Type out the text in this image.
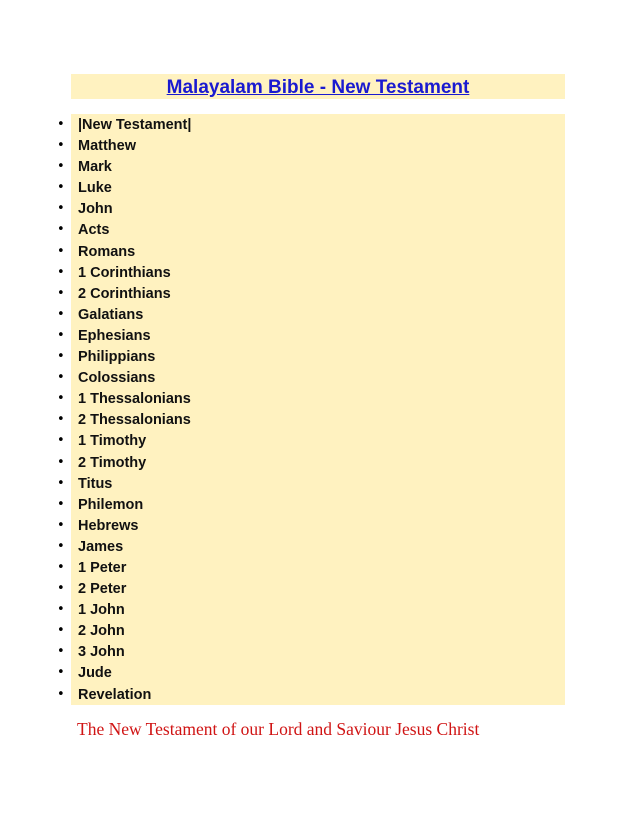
Malayalam Bible - New Testament
• |New Testament|
• Matthew
• Mark
• Luke
• John
• Acts
• Romans
• 1 Corinthians
• 2 Corinthians
• Galatians
• Ephesians
• Philippians
• Colossians
• 1 Thessalonians
• 2 Thessalonians
• 1 Timothy
• 2 Timothy
• Titus
• Philemon
• Hebrews
• James
• 1 Peter
• 2 Peter
• 1 John
• 2 John
• 3 John
• Jude
• Revelation
The New Testament of our Lord and Saviour Jesus Christ
